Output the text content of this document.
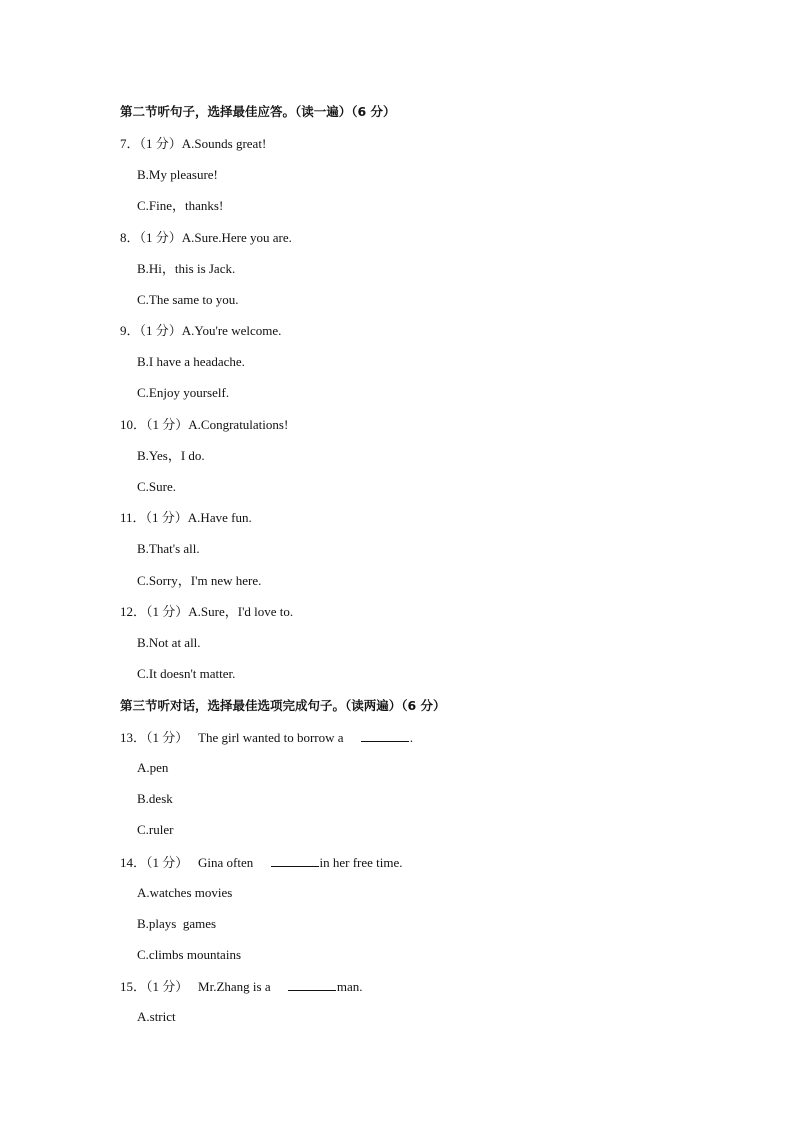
第二节听句子，选择最佳应答。（读一遍）（6 分）
7．（1 分）A.Sounds great!
B.My pleasure!
C.Fine，thanks!
8．（1 分）A.Sure.Here you are.
B.Hi，this is Jack.
C.The same to you.
9．（1 分）A.You're welcome.
B.I have a headache.
C.Enjoy yourself.
10．（1 分）A.Congratulations!
B.Yes，I do.
C.Sure.
11．（1 分）A.Have fun.
B.That's all.
C.Sorry，I'm new here.
12．（1 分）A.Sure，I'd love to.
B.Not at all.
C.It doesn't matter.
第三节听对话，选择最佳选项完成句子。（读两遍）（6 分）
13．（1 分） The girl wanted to borrow a	.
A.pen
B.desk
C.ruler
14．（1 分） Gina often	in her free time.
A.watches movies
B.plays  games
C.climbs mountains
15．（1 分） Mr.Zhang is a	man.
A.strict
